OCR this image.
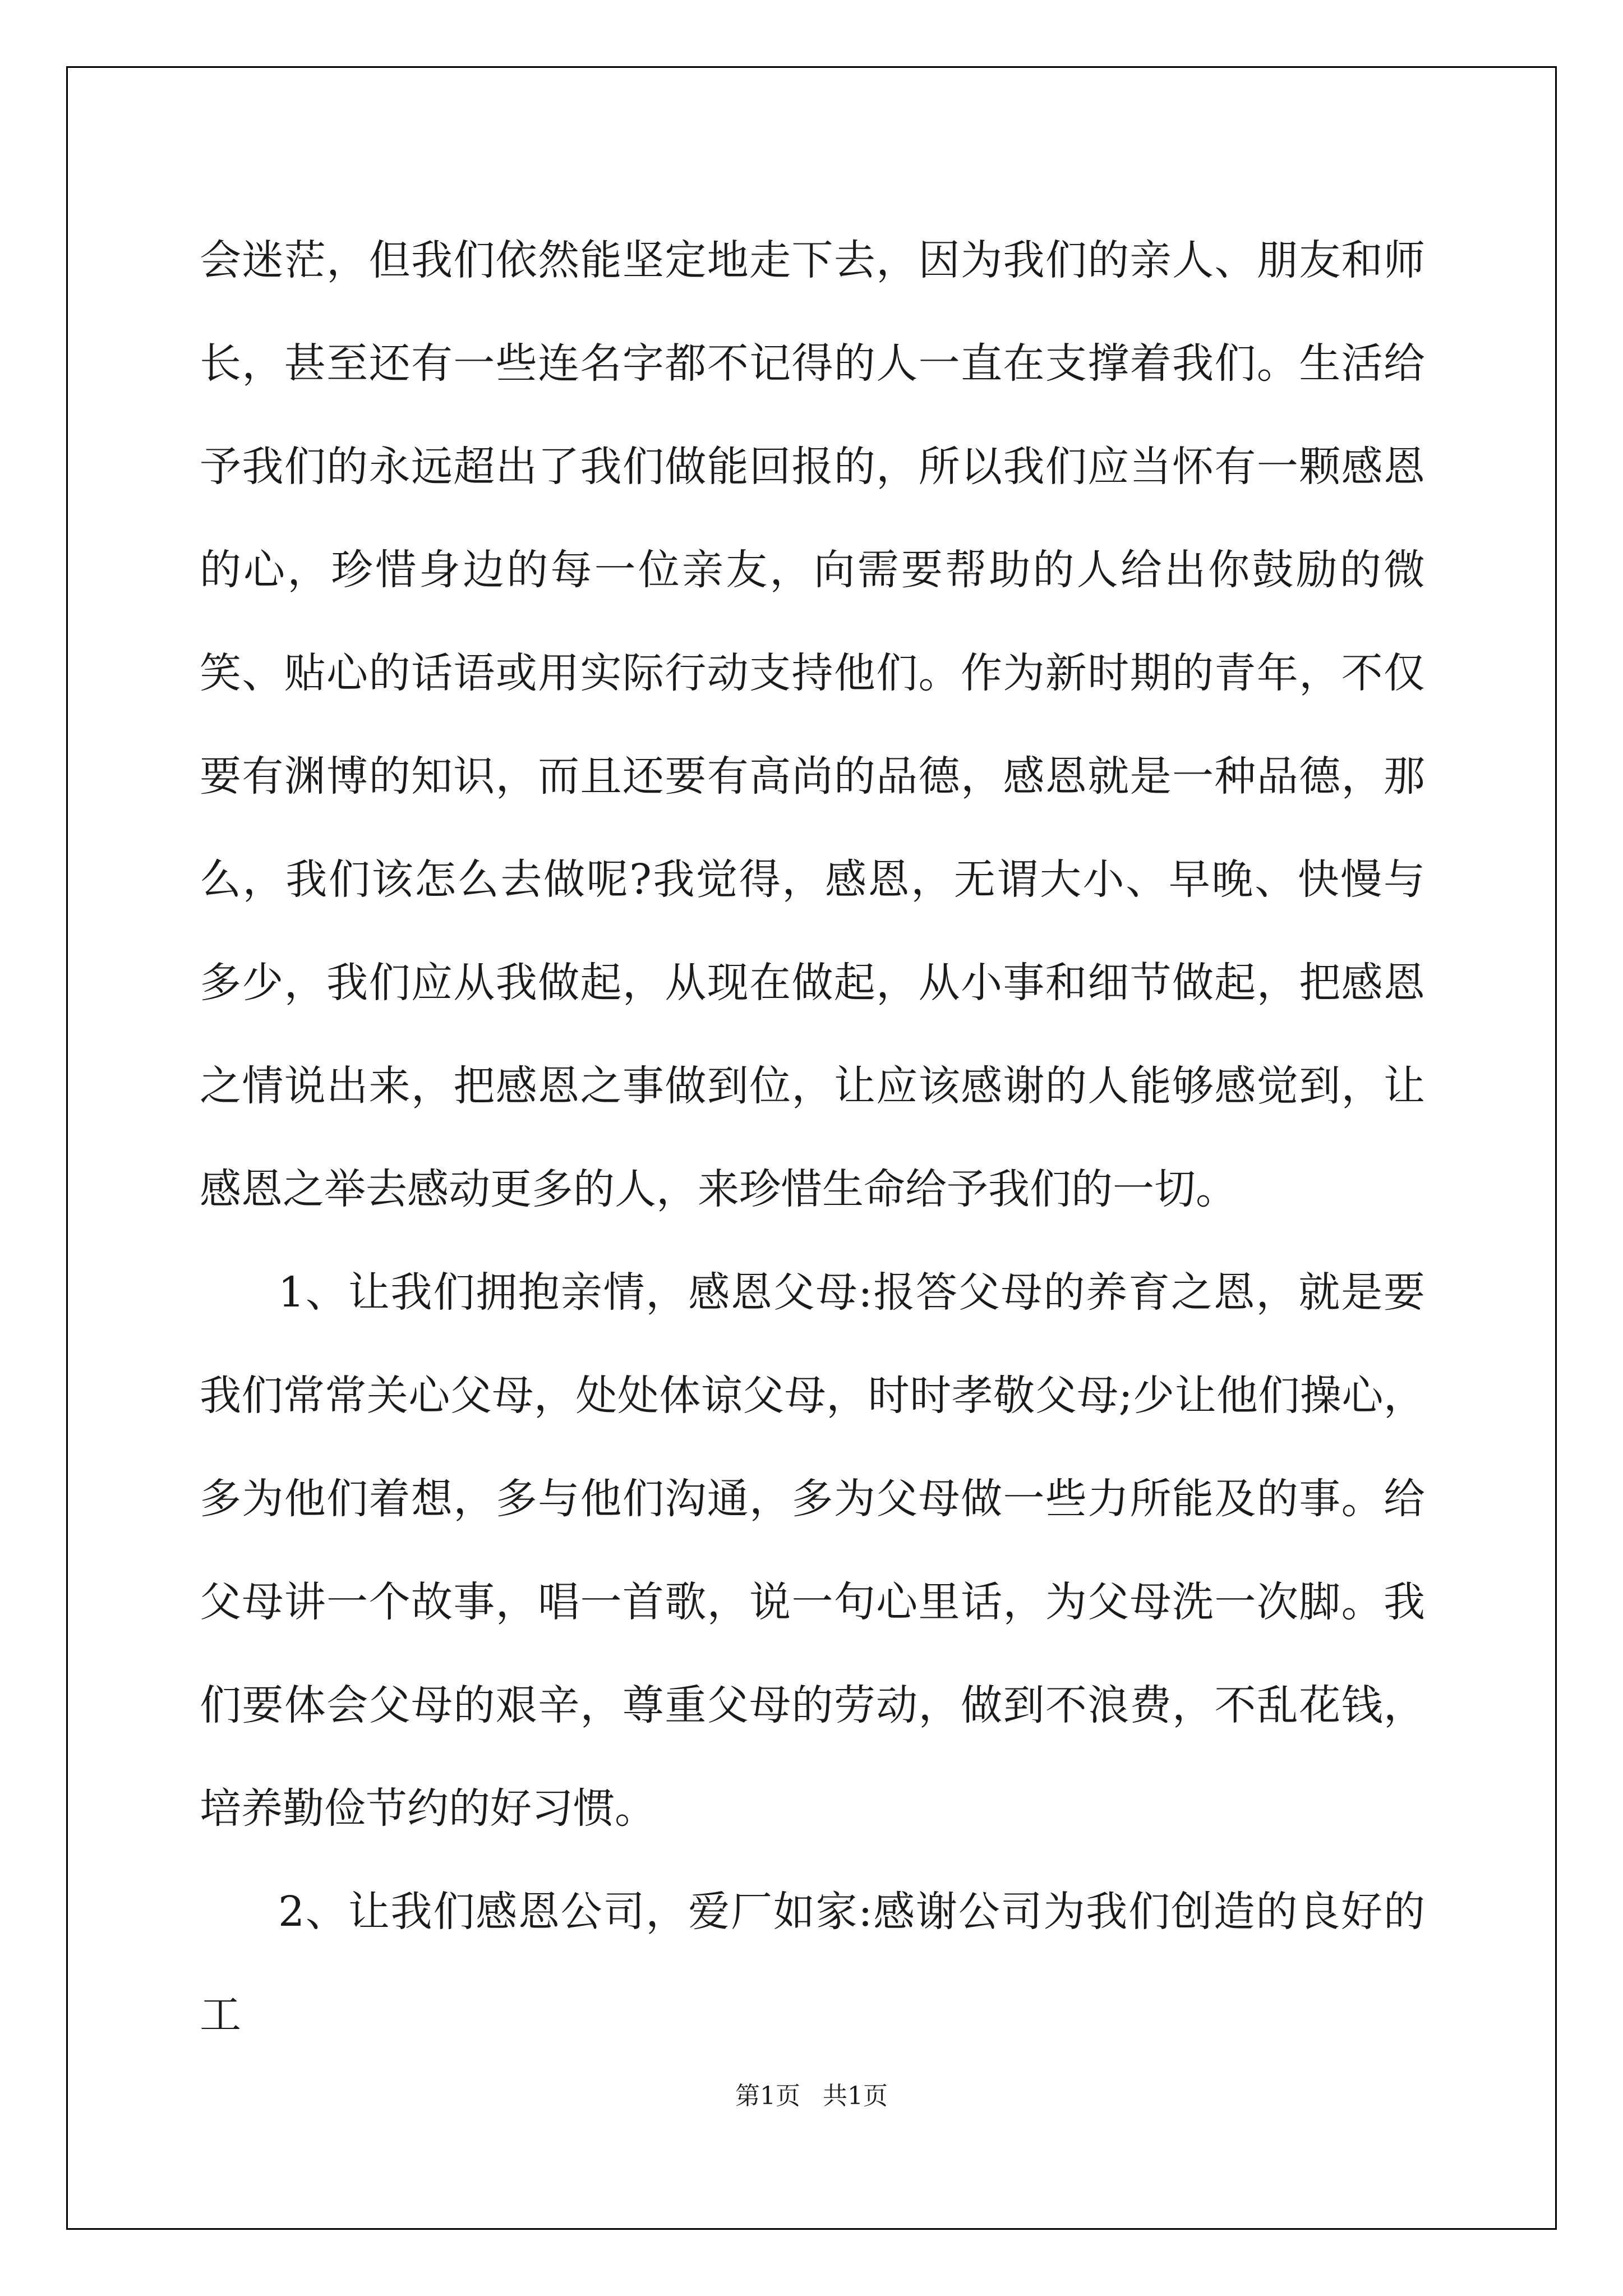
会迷茫，但我们依然能坚定地走下去，因为我们的亲人、朋友和师长，甚至还有一些连名字都不记得的人一直在支撑着我们。生活给予我们的永远超出了我们做能回报的，所以我们应当怀有一颗感恩的心，珍惜身边的每一位亲友，向需要帮助的人给出你鼓励的微笑、贴心的话语或用实际行动支持他们。作为新时期的青年，不仅要有渊博的知识，而且还要有高尚的品德，感恩就是一种品德，那么，我们该怎么去做呢?我觉得，感恩，无谓大小、早晚、快慢与多少，我们应从我做起，从现在做起，从小事和细节做起，把感恩之情说出来，把感恩之事做到位，让应该感谢的人能够感觉到，让感恩之举去感动更多的人，来珍惜生命给予我们的一切。

1、让我们拥抱亲情，感恩父母:报答父母的养育之恩，就是要我们常常关心父母，处处体谅父母，时时孝敬父母;少让他们操心，多为他们着想，多与他们沟通，多为父母做一些力所能及的事。给父母讲一个故事，唱一首歌，说一句心里话，为父母洗一次脚。我们要体会父母的艰辛，尊重父母的劳动，做到不浪费，不乱花钱，培养勤俭节约的好习惯。

2、让我们感恩公司，爱厂如家:感谢公司为我们创造的良好的工

第1页 共1页
